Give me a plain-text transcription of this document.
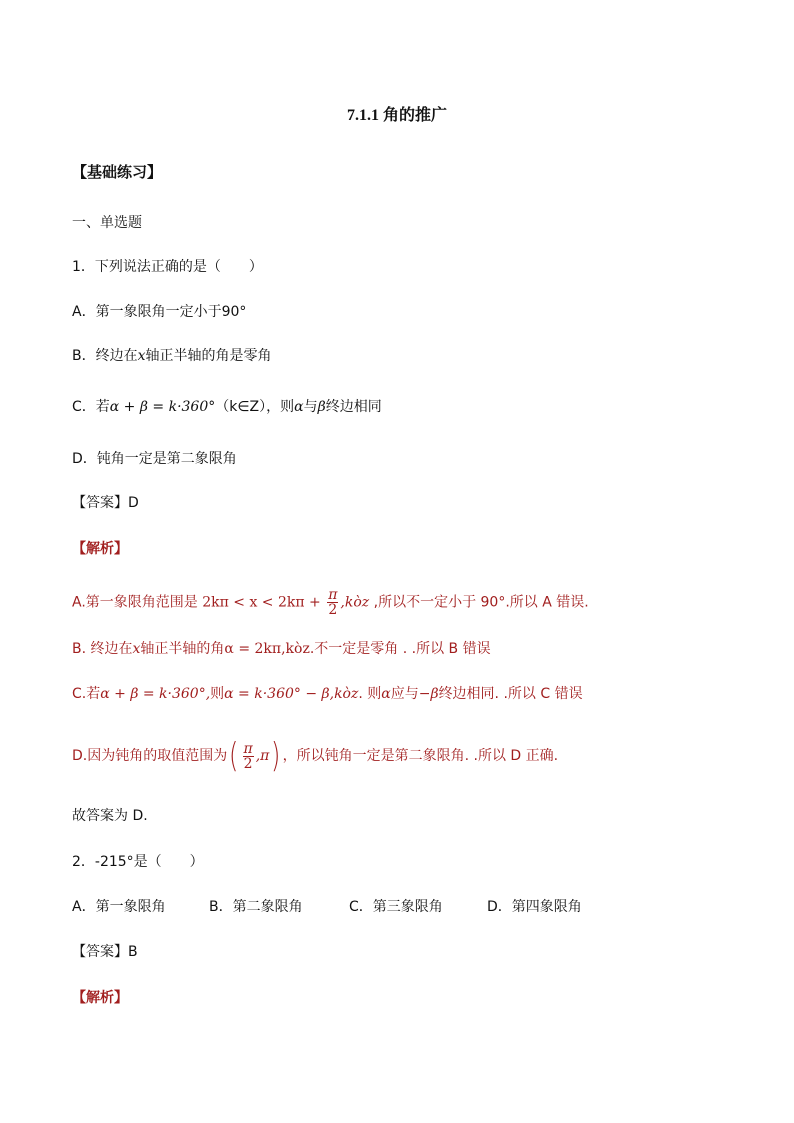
7.1.1 角的推广
【基础练习】
一、单选题
1．下列说法正确的是（　　）
A．第一象限角一定小于90°
B．终边在x轴正半轴的角是零角
C．若α + β = k·360°（k∈Z），则α与β终边相同
D．钝角一定是第二象限角
【答案】D
【解析】
A.第一象限角范围是 $2k\pi < x < 2k\pi + \frac{\pi}{2}$ ,kòz ,所以不一定小于 90°.所以 A 错误.
B. 终边在x轴正半轴的角α = 2kπ,kòz.不一定是零角 . .所以 B 错误
C.若α + β = k·360°,则α = k·360° − β,kòz. 则α应与−β终边相同. .所以 C 错误
D.因为钝角的取值范围为( $\frac{\pi}{2} ,\pi$) ，所以钝角一定是第二象限角. .所以 D 正确.
故答案为 D.
2．-215°是（　　）
A．第一象限角	B．第二象限角	C．第三象限角	D．第四象限角
【答案】B
【解析】
